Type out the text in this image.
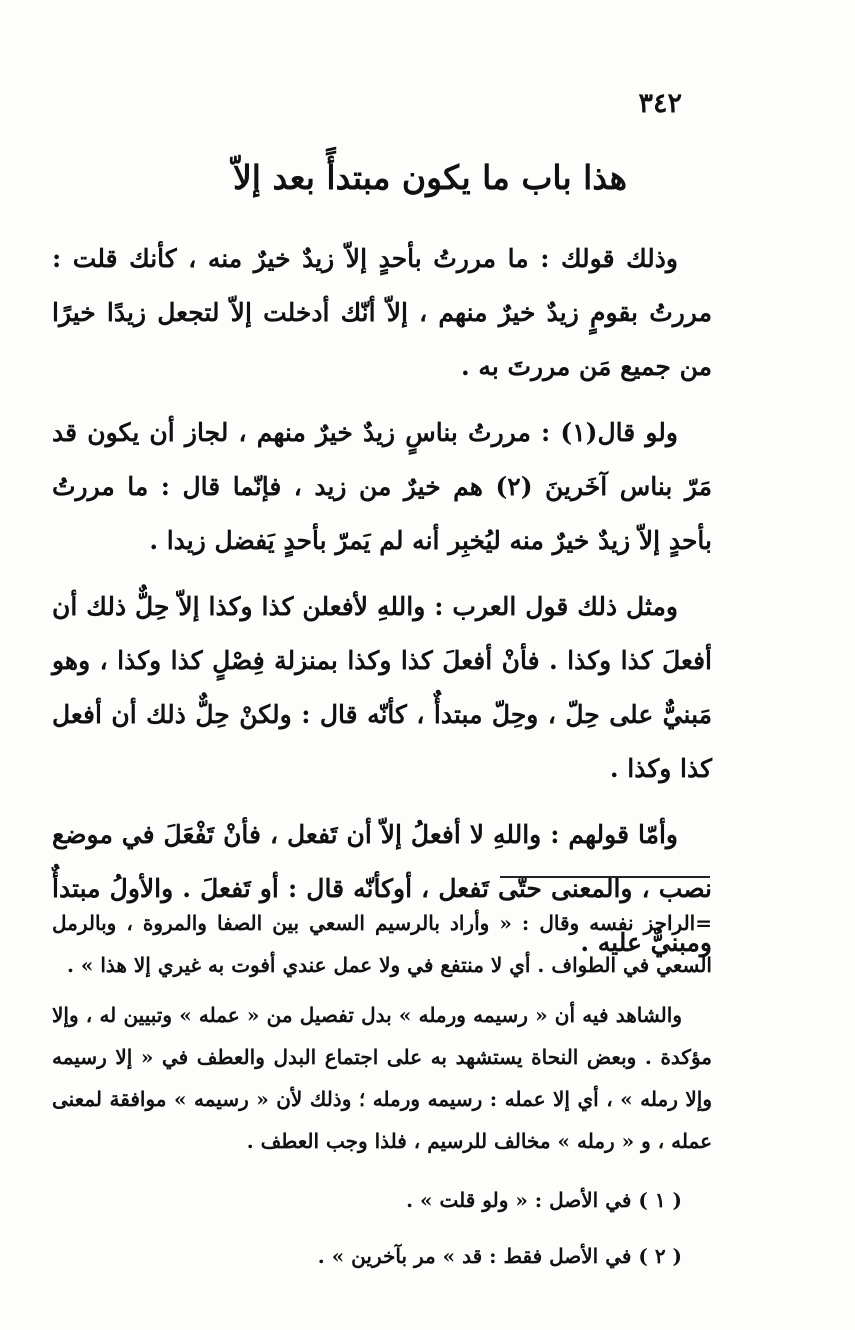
٣٤٢
هذا باب ما يكون مبتدأً بعد إلاّ

وذلك قولك : ما مررتُ بأحدٍ إلاّ زيدٌ خيرٌ منه ، كأنك قلت : مررتُ بقومٍ زيدٌ خيرٌ منهم ، إلاّ أنّك أدخلت إلاّ لتجعل زيدًا خيرًا من جميع مَن مررتَ به .

ولو قال(١) : مررتُ بناسٍ زيدٌ خيرٌ منهم ، لجاز أن يكون قد مَرّ بناس آخَرينَ (٢) هم خيرٌ من زيد ، فإنّما قال : ما مررتُ بأحدٍ إلاّ زيدٌ خيرٌ منه ليُخبِر أنه لم يَمرّ بأحدٍ يَفضل زيدا .

ومثل ذلك قول العرب : واللهِ لأفعلن كذا وكذا إلاّ حِلٌّ ذلك أن أفعلَ كذا وكذا . فأنْ أفعلَ كذا وكذا بمنزلة فِصْلٍ كذا وكذا ، وهو مَبنيٌّ على حِلّ ، وحِلّ مبتدأٌ ، كأنّه قال : ولكنْ حِلٌّ ذلك أن أفعل كذا وكذا .

وأمّا قولهم : واللهِ لا أفعلُ إلاّ أن تَفعل ، فأنْ تَفْعَلَ في موضع نصب ، والمعنى حتّى تَفعل ، أوكأنّه قال : أو تَفعلَ . والأولُ مبتدأٌ ومبنيٌّ عليه .

=الراجز نفسه وقال : « وأراد بالرسيم السعي بين الصفا والمروة ، وبالرمل السعي في الطواف . أي لا منتفع في ولا عمل عندي أفوت به غيري إلا هذا » .

والشاهد فيه أن « رسيمه ورمله » بدل تفصيل من « عمله » وتبيين له ، وإلا مؤكدة . وبعض النحاة يستشهد به على اجتماع البدل والعطف في « إلا رسيمه وإلا رمله » ، أي إلا عمله : رسيمه ورمله ؛ وذلك لأن « رسيمه » موافقة لمعنى عمله ، و « رمله » مخالف للرسيم ، فلذا وجب العطف .

( ١ ) في الأصل : « ولو قلت » .

( ٢ ) في الأصل فقط : قد » مر بآخرين » .
